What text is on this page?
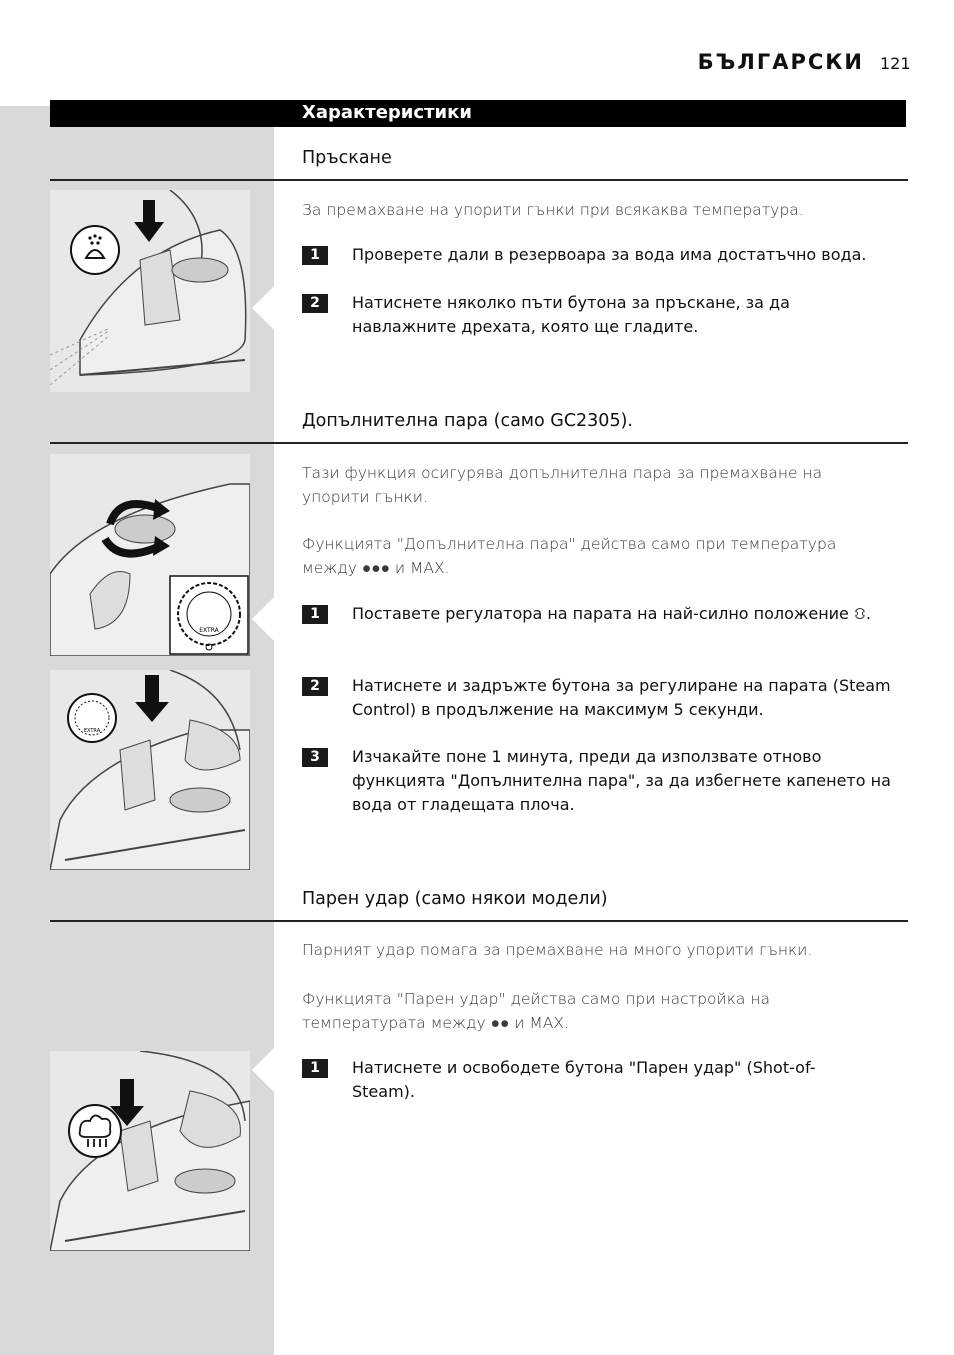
БЪЛГАРСКИ 121
Характеристики
Пръскане
За премахване на упорити гънки при всякаква температура.
1	Проверете дали в резервоара за вода има достатъчно вода.
2	Натиснете няколко пъти бутона за пръскане, за да навлажните дрехата, която ще гладите.
Допълнителна пара (само GC2305).
EXTRA
EXTRA
Тази функция осигурява допълнителна пара за премахване на упорити гънки.
Функцията "Допълнителна пара" действа само при температура между ●●● и MAX.
1	Поставете регулатора на парата на най-силно положение ⛻.
2	Натиснете и задръжте бутона за регулиране на парата (Steam Control) в продължение на максимум 5 секунди.
3	Изчакайте поне 1 минута, преди да използвате отново функцията "Допълнителна пара", за да избегнете капенето на вода от гладещата плоча.
Парен удар (само някои модели)
Парният удар помага за премахване на много упорити гънки.
Функцията "Парен удар" действа само при настройка на температурата между ●● и MAX.
1	Натиснете и освободете бутона "Парен удар" (Shot-of-Steam).
